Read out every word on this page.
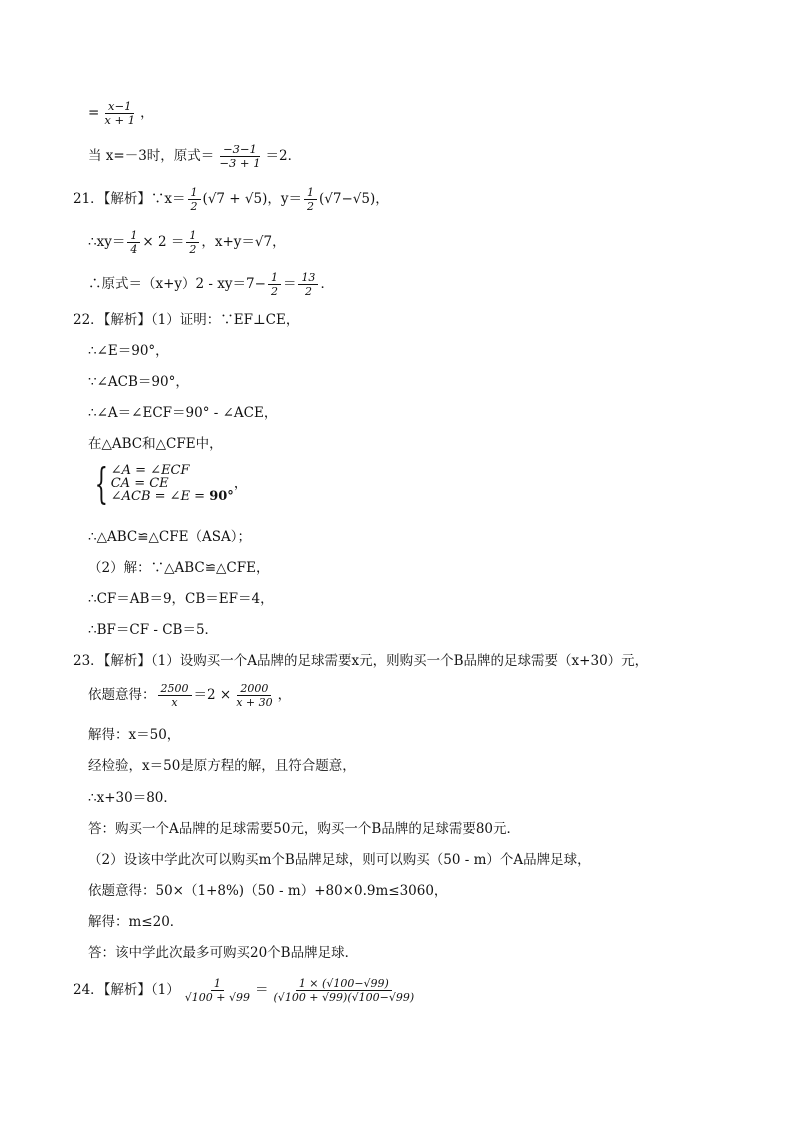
= $\frac{x-1}{x + 1}$ ，
当 x=－3时，原式＝ $\frac{-3-1}{-3 + 1} =2$．
21．【解析】∵x＝ $\frac{1}{2} (√7 + √5)$，$y= \frac{1}{2} (√7-√5)$，
∴xy＝ $\frac{1}{4} \times 2 = \frac{1}{2}$ ，x+y＝√7，
∴原式$=(x+y)2 - xy=7- \frac{1}{2} = \frac{13}{2}$ ．
22．【解析】（1）证明：∵EF⊥CE，
∴∠E＝90°，
∵∠ACB＝90°，
∴∠A＝∠ECF＝90° - ∠ACE，
在△ABC和△CFE中，
{ ∠A = ∠ECF
CA = CE
∠ACB = ∠E = 90°
，
∴△ABC≌△CFE（ASA）；
（2）解：∵△ABC≌△CFE，
∴CF＝AB＝9，CB＝EF＝4，
∴BF＝CF - CB＝5．
23．【解析】（1）设购买一个A品牌的足球需要x元，则购买一个B品牌的足球需要（x+30）元，
依题意得： $\frac{2500}{x} =2 \times \frac{2000}{x + 30}$ ，
解得：x＝50，
经检验，x＝50是原方程的解，且符合题意，
∴x+30＝80．
答：购买一个A品牌的足球需要50元，购买一个B品牌的足球需要80元．
（2）设该中学此次可以购买m个B品牌足球，则可以购买（50 - m）个A品牌足球，
依题意得：50×（1+8%)（50 - m）+80×0.9m≤3060，
解得：m≤20．
答：该中学此次最多可购买20个B品牌足球．
24．【解析】$(1) \frac{1}{√100 + √99} = \frac{1 \times (√100-√99)}{(√100 + √99)(√100-√99)}$
